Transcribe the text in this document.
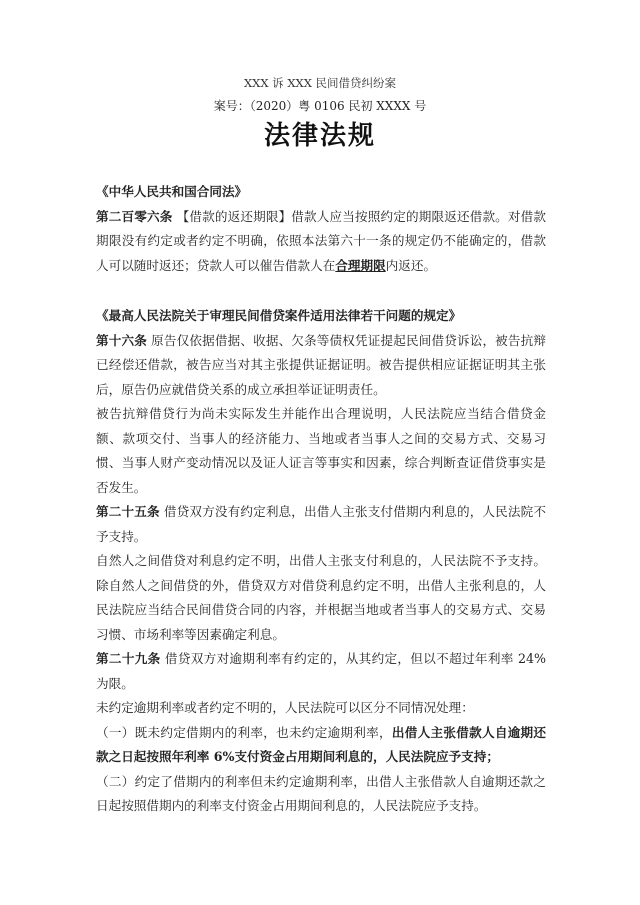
XXX 诉 XXX 民间借贷纠纷案
案号：（2020）粤 0106 民初 XXXX 号
法律法规

《中华人民共和国合同法》

第二百零六条 【借款的返还期限】借款人应当按照约定的期限返还借款。对借款期限没有约定或者约定不明确，依照本法第六十一条的规定仍不能确定的，借款人可以随时返还；贷款人可以催告借款人在合理期限内返还。

《最高人民法院关于审理民间借贷案件适用法律若干问题的规定》

第十六条 原告仅依据借据、收据、欠条等债权凭证提起民间借贷诉讼，被告抗辩已经偿还借款，被告应当对其主张提供证据证明。被告提供相应证据证明其主张后，原告仍应就借贷关系的成立承担举证证明责任。

被告抗辩借贷行为尚未实际发生并能作出合理说明，人民法院应当结合借贷金额、款项交付、当事人的经济能力、当地或者当事人之间的交易方式、交易习惯、当事人财产变动情况以及证人证言等事实和因素，综合判断查证借贷事实是否发生。

第二十五条 借贷双方没有约定利息，出借人主张支付借期内利息的，人民法院不予支持。

自然人之间借贷对利息约定不明，出借人主张支付利息的，人民法院不予支持。除自然人之间借贷的外，借贷双方对借贷利息约定不明，出借人主张利息的，人民法院应当结合民间借贷合同的内容，并根据当地或者当事人的交易方式、交易习惯、市场利率等因素确定利息。

第二十九条 借贷双方对逾期利率有约定的，从其约定，但以不超过年利率 24%为限。

未约定逾期利率或者约定不明的，人民法院可以区分不同情况处理：

（一）既未约定借期内的利率，也未约定逾期利率，出借人主张借款人自逾期还款之日起按照年利率 6%支付资金占用期间利息的，人民法院应予支持；

（二）约定了借期内的利率但未约定逾期利率，出借人主张借款人自逾期还款之日起按照借期内的利率支付资金占用期间利息的，人民法院应予支持。
